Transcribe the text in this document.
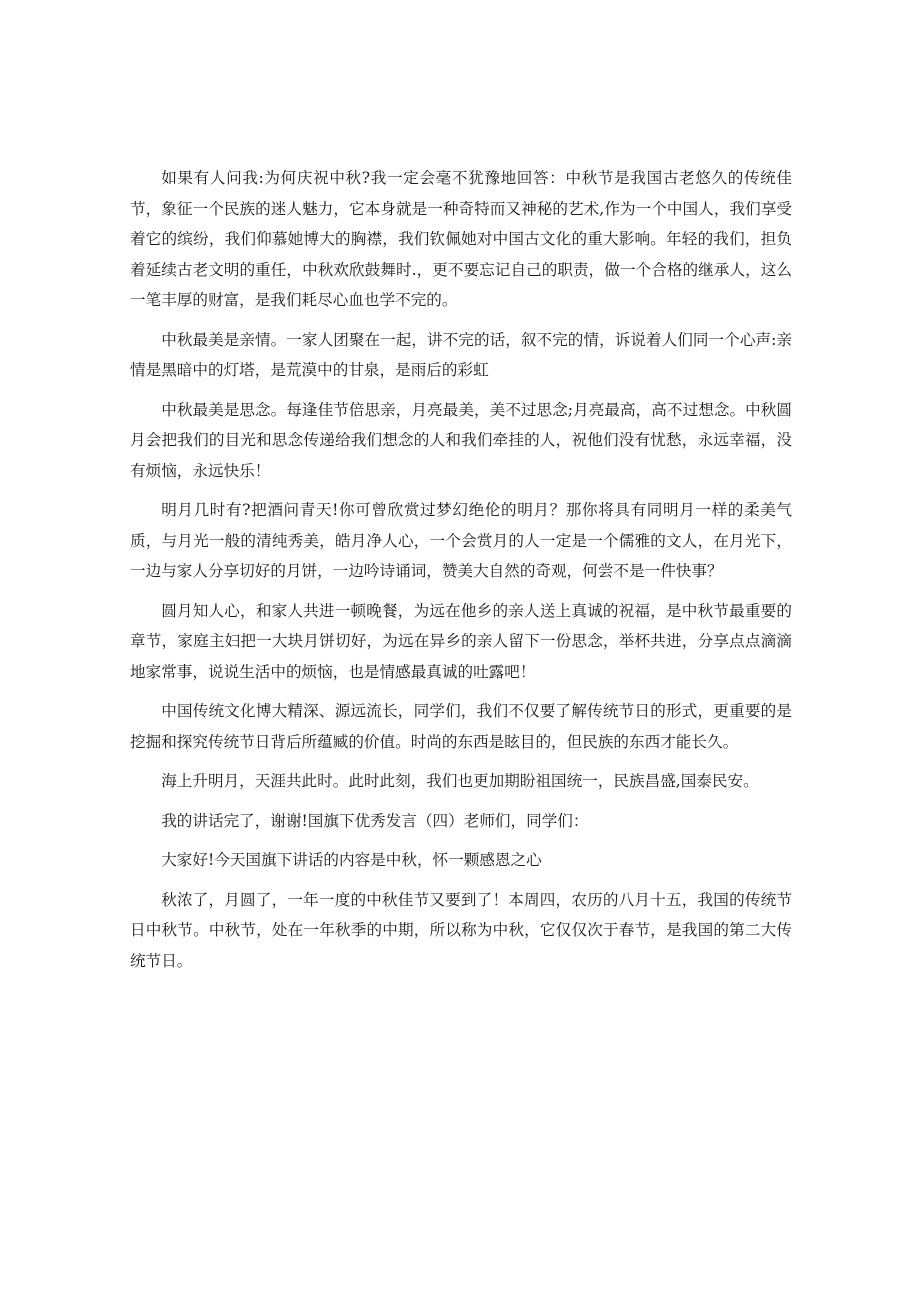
如果有人问我:为何庆祝中秋?我一定会毫不犹豫地回答：中秋节是我国古老悠久的传统佳节，象征一个民族的迷人魅力，它本身就是一种奇特而又神秘的艺术,作为一个中国人，我们享受着它的缤纷，我们仰慕她博大的胸襟，我们钦佩她对中国古文化的重大影响。年轻的我们，担负着延续古老文明的重任，中秋欢欣鼓舞时.，更不要忘记自己的职责，做一个合格的继承人，这么一笔丰厚的财富，是我们耗尽心血也学不完的。

中秋最美是亲情。一家人团聚在一起，讲不完的话，叙不完的情，诉说着人们同一个心声:亲情是黑暗中的灯塔，是荒漠中的甘泉，是雨后的彩虹

中秋最美是思念。每逢佳节倍思亲，月亮最美，美不过思念;月亮最高，高不过想念。中秋圆月会把我们的目光和思念传递给我们想念的人和我们牵挂的人，祝他们没有忧愁，永远幸福，没有烦恼，永远快乐！

明月几时有?把酒问青天!你可曾欣赏过梦幻绝伦的明月？那你将具有同明月一样的柔美气质，与月光一般的清纯秀美，皓月净人心，一个会赏月的人一定是一个儒雅的文人，在月光下，一边与家人分享切好的月饼，一边吟诗诵词，赞美大自然的奇观，何尝不是一件快事？

圆月知人心，和家人共进一顿晚餐，为远在他乡的亲人送上真诚的祝福，是中秋节最重要的章节，家庭主妇把一大块月饼切好，为远在异乡的亲人留下一份思念，举杯共进，分享点点滴滴地家常事，说说生活中的烦恼，也是情感最真诚的吐露吧！

中国传统文化博大精深、源远流长，同学们，我们不仅要了解传统节日的形式，更重要的是挖掘和探究传统节日背后所蕴臧的价值。时尚的东西是眩目的，但民族的东西才能长久。

海上升明月，天涯共此时。此时此刻，我们也更加期盼祖国统一，民族昌盛,国泰民安。

我的讲话完了，谢谢!国旗下优秀发言（四）老师们，同学们：

大家好!今天国旗下讲话的内容是中秋，怀一颗感恩之心

秋浓了，月圆了，一年一度的中秋佳节又要到了！本周四，农历的八月十五，我国的传统节日中秋节。中秋节，处在一年秋季的中期，所以称为中秋，它仅仅次于春节，是我国的第二大传统节日。
